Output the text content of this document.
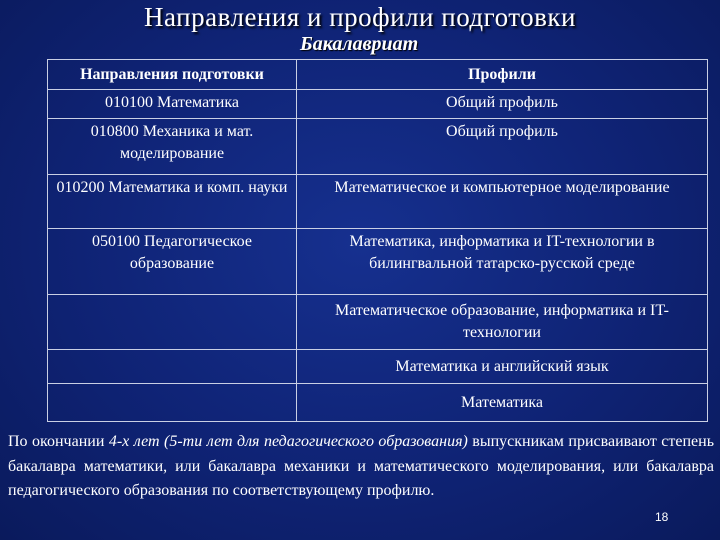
Направления и профили подготовки
Бакалавриат
Направления подготовки	Профили
010100 Математика	Общий профиль
010800 Механика и мат. моделирование	Общий профиль
010200 Математика и комп. науки	Математическое и компьютерное моделирование
050100 Педагогическое образование	Математика, информатика и IT-технологии в билингвальной татарско-русской среде
	Математическое образование, информатика и IT-технологии
	Математика и английский язык
	Математика
По окончании 4-х лет (5-ти лет для педагогического образования) выпускникам присваивают степень бакалавра математики, или бакалавра механики и математического моделирования, или бакалавра педагогического образования по соответствующему профилю.
18
